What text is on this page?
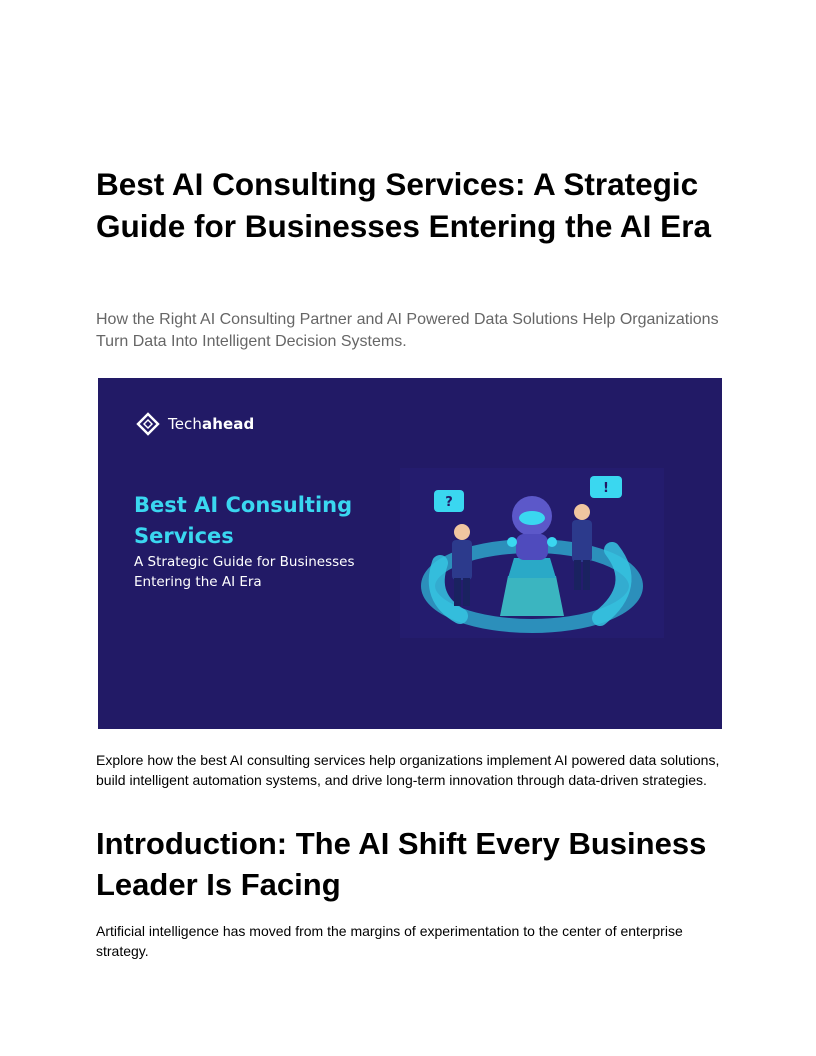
Best AI Consulting Services: A Strategic Guide for Businesses Entering the AI Era

How the Right AI Consulting Partner and AI Powered Data Solutions Help Organizations Turn Data Into Intelligent Decision Systems.

Techahead
Best AI Consulting Services
A Strategic Guide for Businesses Entering the AI Era
?
!

Explore how the best AI consulting services help organizations implement AI powered data solutions, build intelligent automation systems, and drive long-term innovation through data-driven strategies.

Introduction: The AI Shift Every Business Leader Is Facing

Artificial intelligence has moved from the margins of experimentation to the center of enterprise strategy.
